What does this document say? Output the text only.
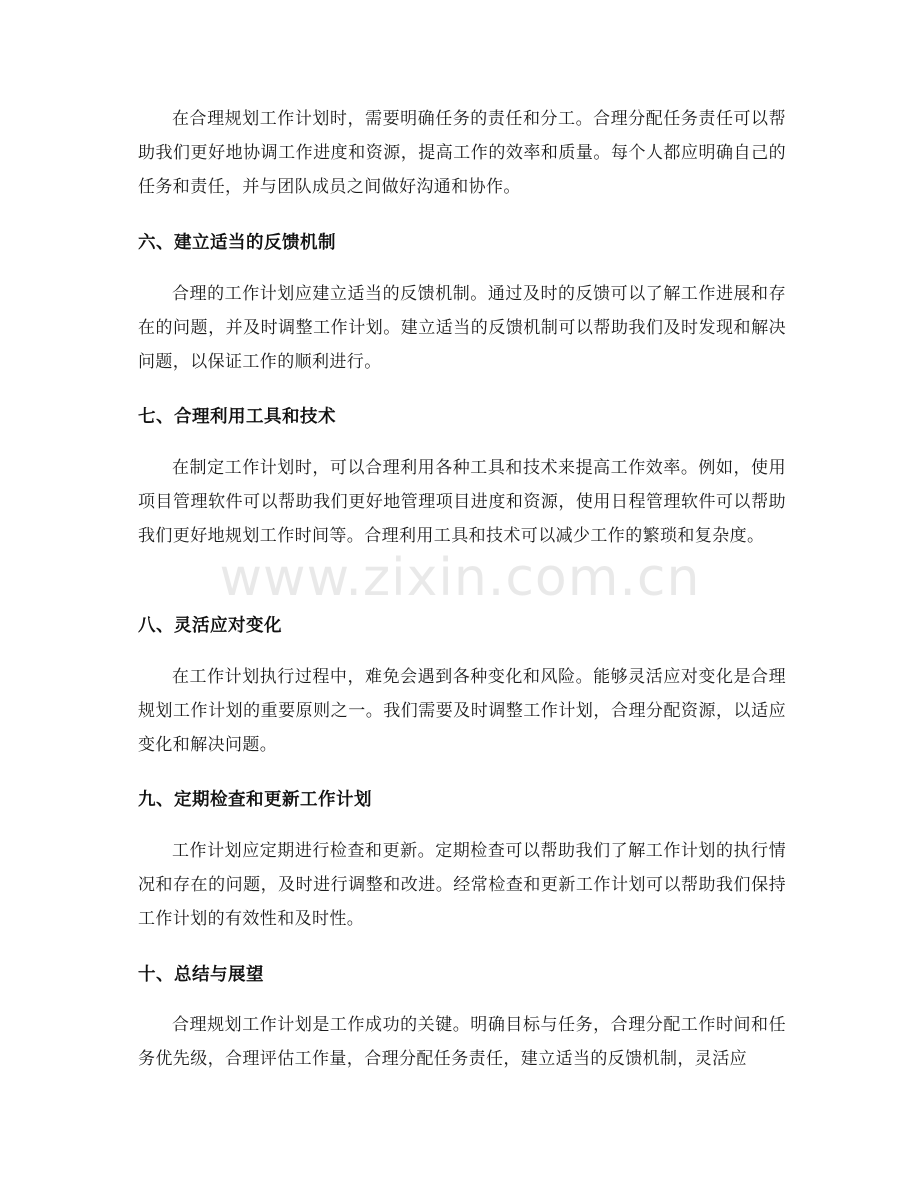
在合理规划工作计划时，需要明确任务的责任和分工。合理分配任务责任可以帮助我们更好地协调工作进度和资源，提高工作的效率和质量。每个人都应明确自己的任务和责任，并与团队成员之间做好沟通和协作。

六、建立适当的反馈机制

合理的工作计划应建立适当的反馈机制。通过及时的反馈可以了解工作进展和存在的问题，并及时调整工作计划。建立适当的反馈机制可以帮助我们及时发现和解决问题，以保证工作的顺利进行。

七、合理利用工具和技术

在制定工作计划时，可以合理利用各种工具和技术来提高工作效率。例如，使用项目管理软件可以帮助我们更好地管理项目进度和资源，使用日程管理软件可以帮助我们更好地规划工作时间等。合理利用工具和技术可以减少工作的繁琐和复杂度。

八、灵活应对变化

在工作计划执行过程中，难免会遇到各种变化和风险。能够灵活应对变化是合理规划工作计划的重要原则之一。我们需要及时调整工作计划，合理分配资源，以适应变化和解决问题。

九、定期检查和更新工作计划

工作计划应定期进行检查和更新。定期检查可以帮助我们了解工作计划的执行情况和存在的问题，及时进行调整和改进。经常检查和更新工作计划可以帮助我们保持工作计划的有效性和及时性。

十、总结与展望

合理规划工作计划是工作成功的关键。明确目标与任务，合理分配工作时间和任务优先级，合理评估工作量，合理分配任务责任，建立适当的反馈机制，灵活应

www.zixin.com.cn
